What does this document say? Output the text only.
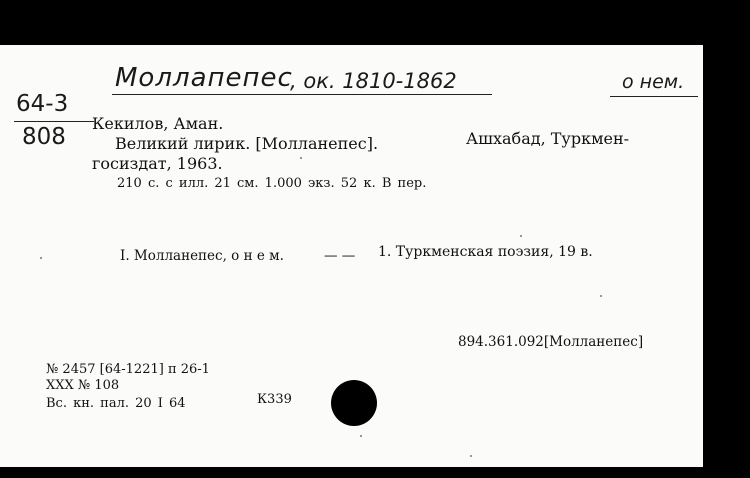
Моллапепес
, ок. 1810-1862	о нем.
64-3
808
Кекилов, Аман.
Великий лирик. [Молланепес].	Ашхабад, Туркмен-
госиздат, 1963.
210 с. с илл. 21 см. 1.000 экз. 52 к. В пер.
I. Молланепес, о н е м.	— — 1. Туркменская поэзия, 19 в.
894.361.092[Молланепес]
№ 2457 [64-1221] п 26-1
XXX № 108
Вс. кн. пал. 20 I 64	К339
